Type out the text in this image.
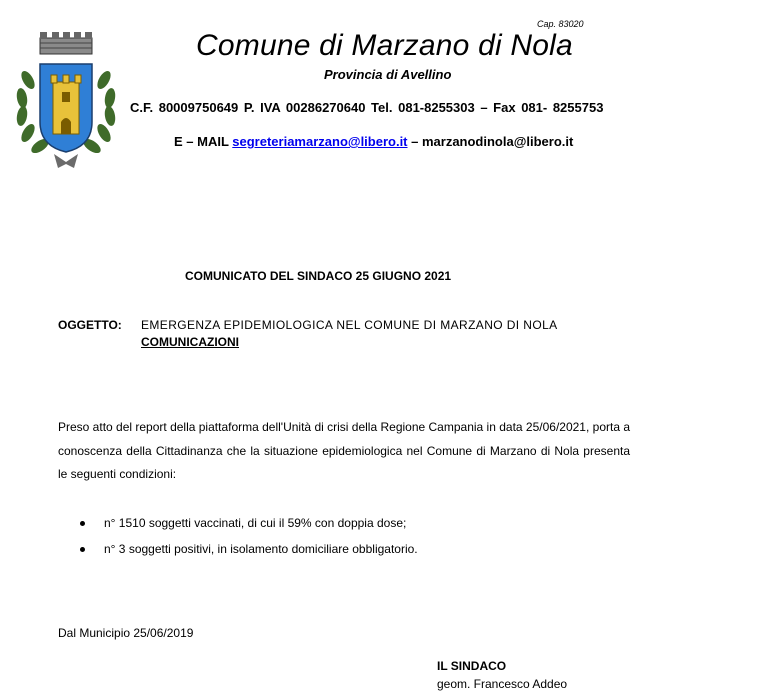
Cap. 83020
Comune di Marzano di Nola
Provincia di Avellino
C.F. 80009750649 P. IVA 00286270640 Tel. 081-8255303 – Fax 081- 8255753
E – MAIL segreteriamarzano@libero.it – marzanodinola@libero.it
COMUNICATO DEL SINDACO 25 GIUGNO 2021
OGGETTO: EMERGENZA EPIDEMIOLOGICA NEL COMUNE DI MARZANO DI NOLA
COMUNICAZIONI
Preso atto del report della piattaforma dell'Unità di crisi della Regione Campania in data 25/06/2021, porta a conoscenza della Cittadinanza che la situazione epidemiologica nel Comune di Marzano di Nola presenta le seguenti condizioni:
n° 1510 soggetti vaccinati, di cui il 59% con doppia dose;
n° 3 soggetti positivi, in isolamento domiciliare obbligatorio.
Dal Municipio 25/06/2019
IL SINDACO
geom. Francesco Addeo
